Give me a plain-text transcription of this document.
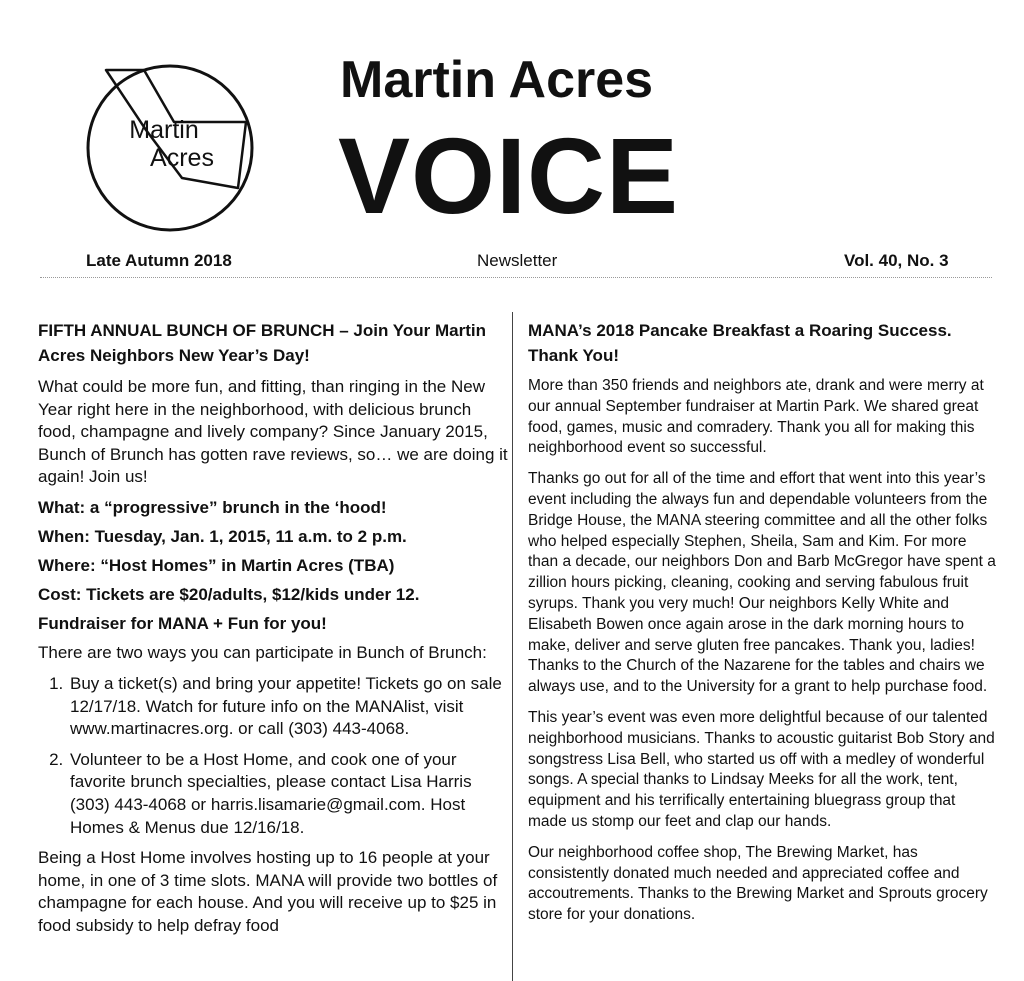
Martin
Acres
Martin Acres
VOICE
Late Autumn 2018	Newsletter	Vol. 40, No. 3
FIFTH ANNUAL BUNCH OF BRUNCH – Join Your Martin Acres Neighbors New Year’s Day!

What could be more fun, and fitting, than ringing in the New Year right here in the neighborhood, with delicious brunch food, champagne and lively company? Since January 2015, Bunch of Brunch has gotten rave reviews, so… we are doing it again! Join us!

What: a “progressive” brunch in the ‘hood!
When: Tuesday, Jan. 1, 2015, 11 a.m. to 2 p.m.
Where: “Host Homes” in Martin Acres (TBA)
Cost: Tickets are $20/adults, $12/kids under 12.
Fundraiser for MANA + Fun for you!

There are two ways you can participate in Bunch of Brunch:

1. Buy a ticket(s) and bring your appetite! Tickets go on sale 12/17/18. Watch for future info on the MANAlist, visit www.martinacres.org. or call (303) 443-4068.
2. Volunteer to be a Host Home, and cook one of your favorite brunch specialties, please contact Lisa Harris (303) 443-4068 or harris.lisamarie@gmail.com. Host Homes & Menus due 12/16/18.

Being a Host Home involves hosting up to 16 people at your home, in one of 3 time slots. MANA will provide two bottles of champagne for each house. And you will receive up to $25 in food subsidy to help defray food

MANA’s 2018 Pancake Breakfast a Roaring Success. Thank You!

More than 350 friends and neighbors ate, drank and were merry at our annual September fundraiser at Martin Park. We shared great food, games, music and comradery. Thank you all for making this neighborhood event so successful.

Thanks go out for all of the time and effort that went into this year’s event including the always fun and dependable volunteers from the Bridge House, the MANA steering committee and all the other folks who helped especially Stephen, Sheila, Sam and Kim. For more than a decade, our neighbors Don and Barb McGregor have spent a zillion hours picking, cleaning, cooking and serving fabulous fruit syrups. Thank you very much! Our neighbors Kelly White and Elisabeth Bowen once again arose in the dark morning hours to make, deliver and serve gluten free pancakes. Thank you, ladies! Thanks to the Church of the Nazarene for the tables and chairs we always use, and to the University for a grant to help purchase food.

This year’s event was even more delightful because of our talented neighborhood musicians. Thanks to acoustic guitarist Bob Story and songstress Lisa Bell, who started us off with a medley of wonderful songs. A special thanks to Lindsay Meeks for all the work, tent, equipment and his terrifically entertaining bluegrass group that made us stomp our feet and clap our hands.

Our neighborhood coffee shop, The Brewing Market, has consistently donated much needed and appreciated coffee and accoutrements. Thanks to the Brewing Market and Sprouts grocery store for your donations.
